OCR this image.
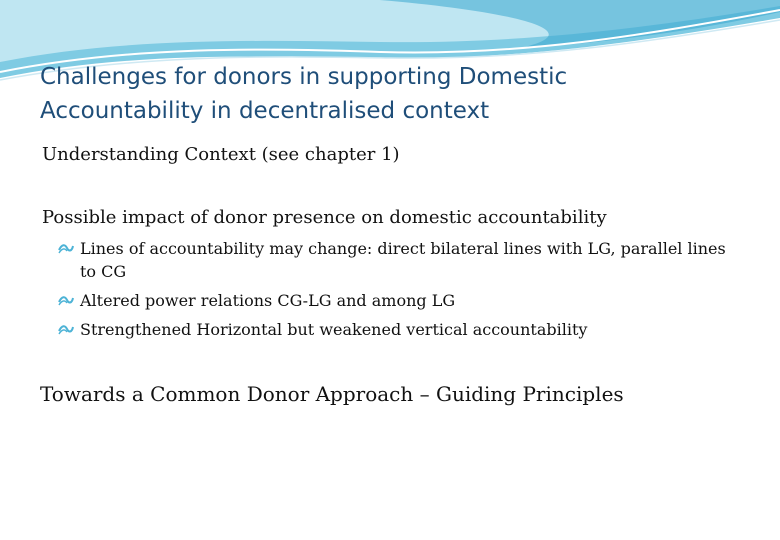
Challenges for donors in supporting Domestic
Accountability in decentralised context

Understanding Context (see chapter 1)

Possible impact of donor presence on domestic accountability

Lines of accountability may change: direct bilateral lines with LG, parallel lines to CG
Altered power relations CG-LG and among LG
Strengthened Horizontal but weakened vertical accountability

Towards a Common Donor Approach – Guiding Principles
